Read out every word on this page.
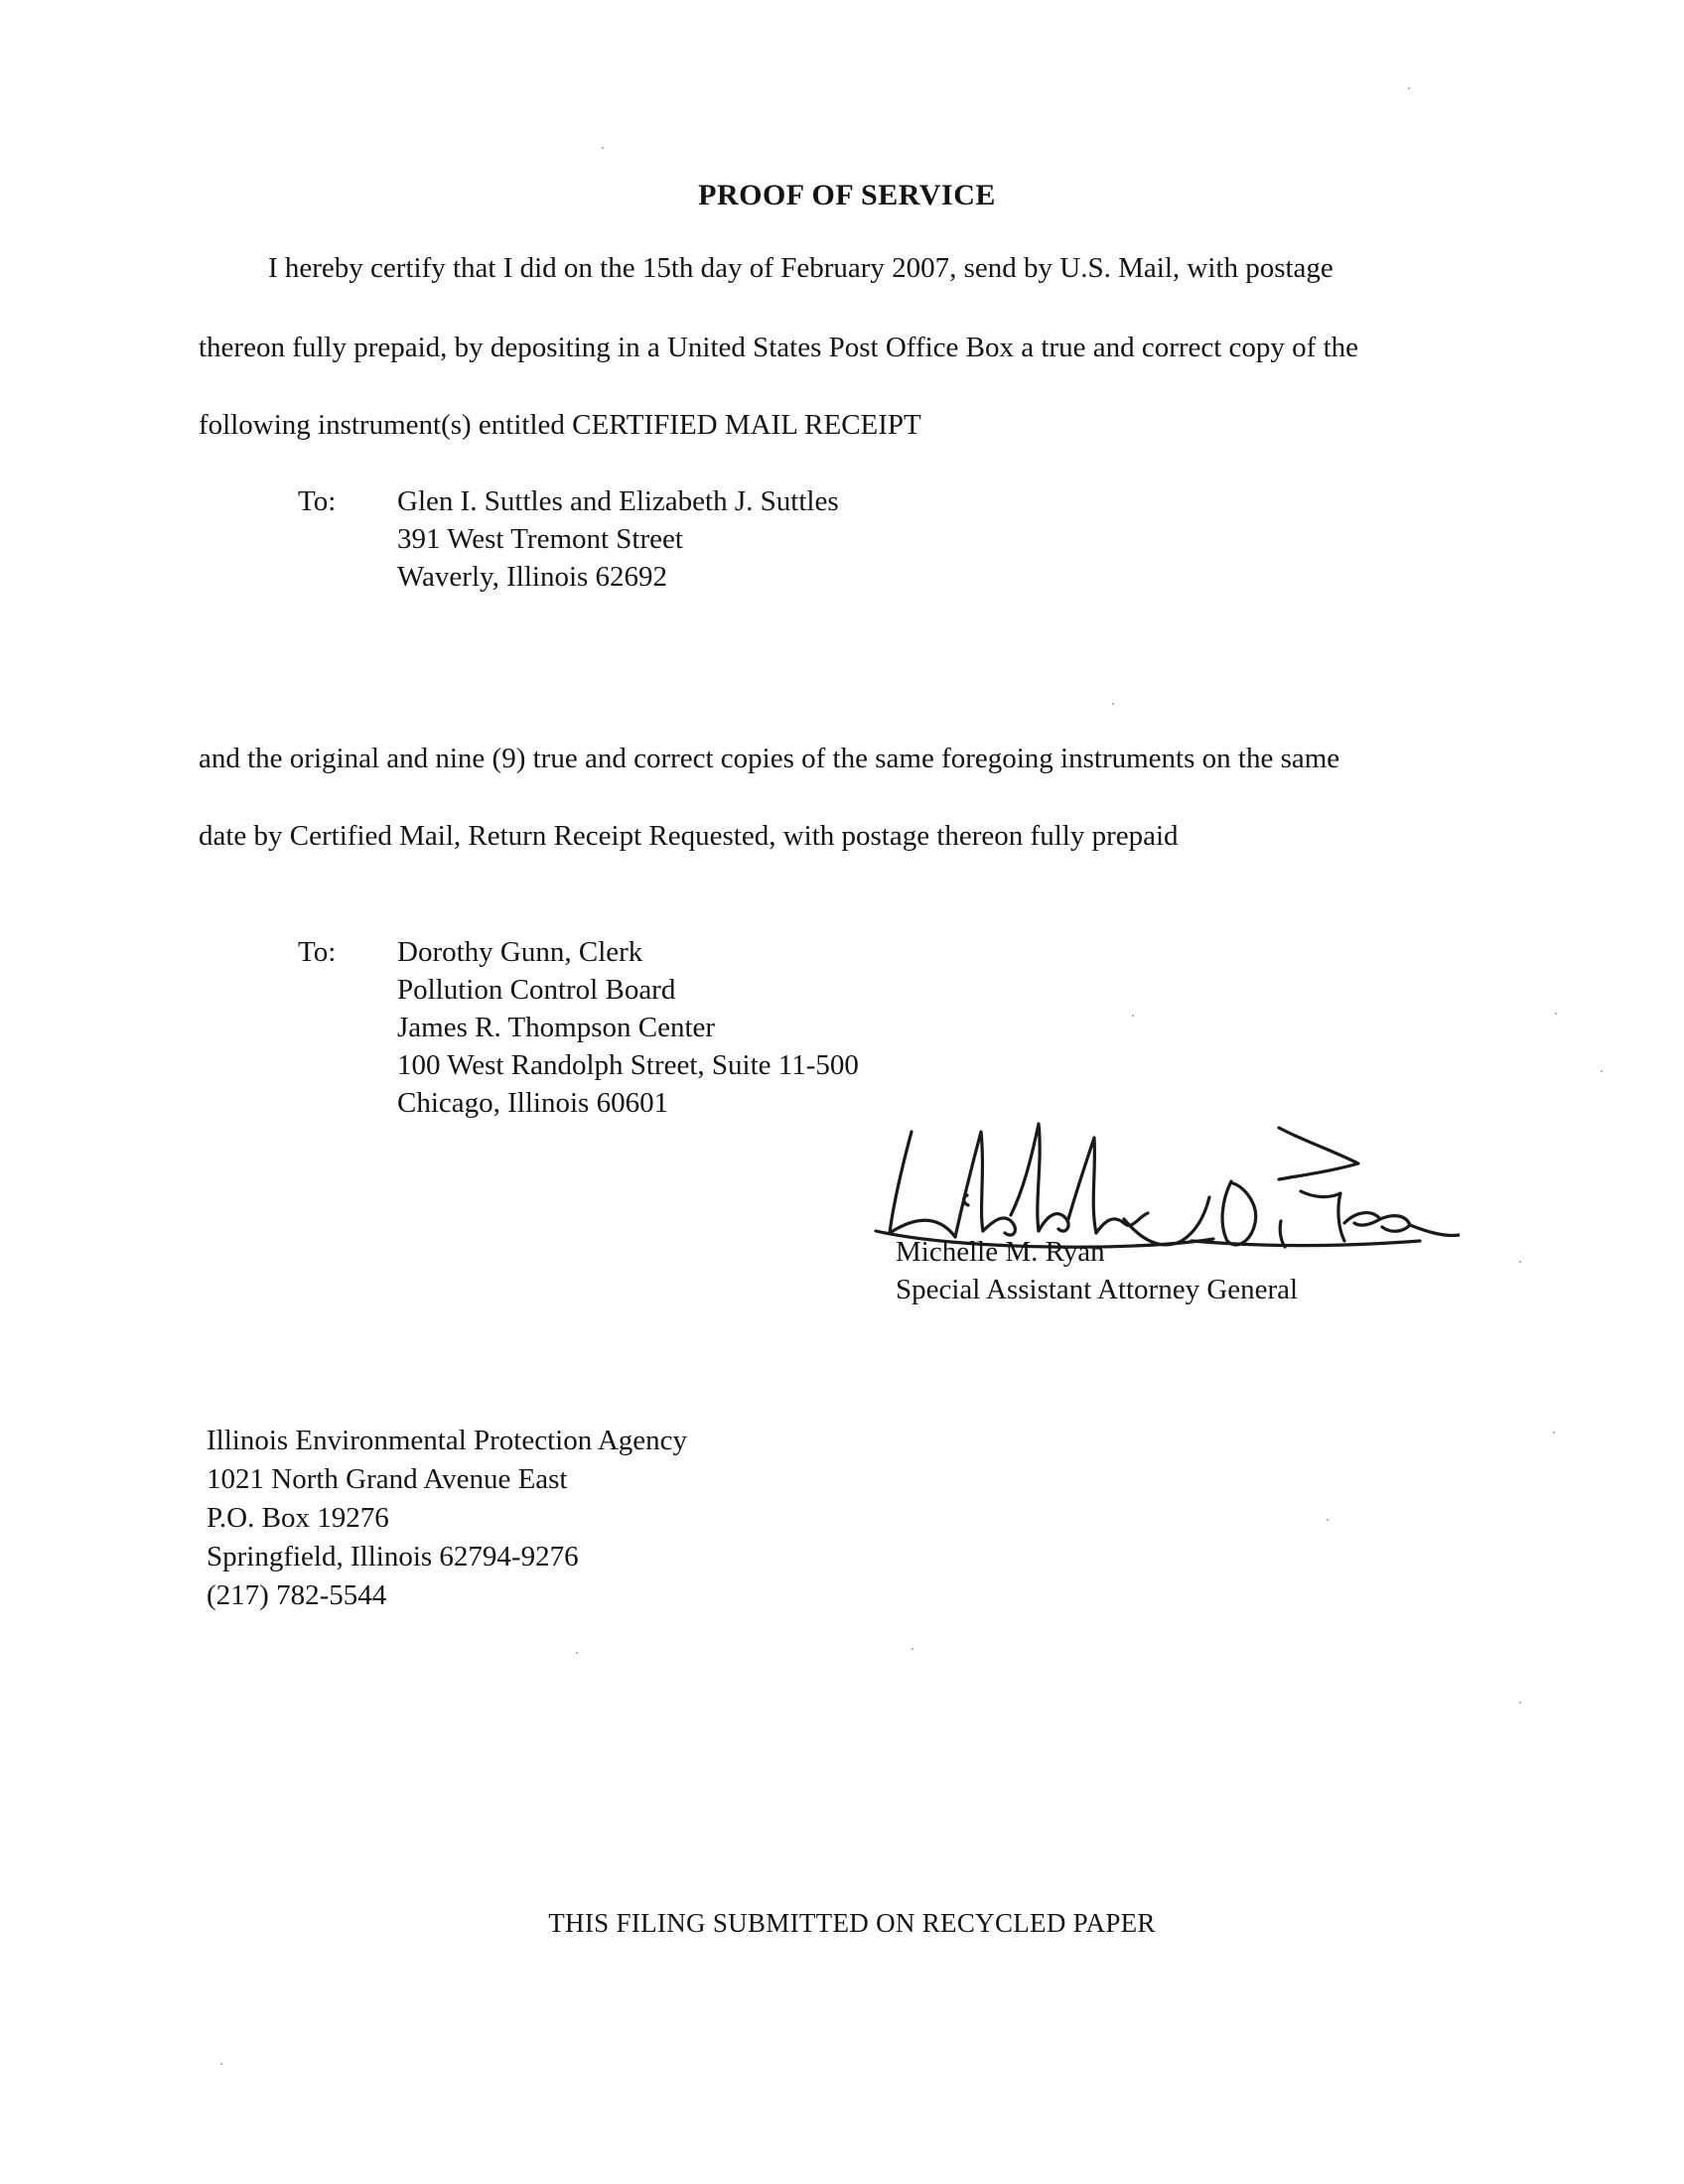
PROOF OF SERVICE
I hereby certify that I did on the 15th day of February 2007, send by U.S. Mail, with postage
thereon fully prepaid, by depositing in a United States Post Office Box a true and correct copy of the
following instrument(s) entitled CERTIFIED MAIL RECEIPT
To: Glen I. Suttles and Elizabeth J. Suttles
391 West Tremont Street
Waverly, Illinois 62692
and the original and nine (9) true and correct copies of the same foregoing instruments on the same
date by Certified Mail, Return Receipt Requested, with postage thereon fully prepaid
To: Dorothy Gunn, Clerk
Pollution Control Board
James R. Thompson Center
100 West Randolph Street, Suite 11-500
Chicago, Illinois 60601
Michelle M. Ryan
Special Assistant Attorney General
Illinois Environmental Protection Agency
1021 North Grand Avenue East
P.O. Box 19276
Springfield, Illinois 62794-9276
(217) 782-5544
THIS FILING SUBMITTED ON RECYCLED PAPER
